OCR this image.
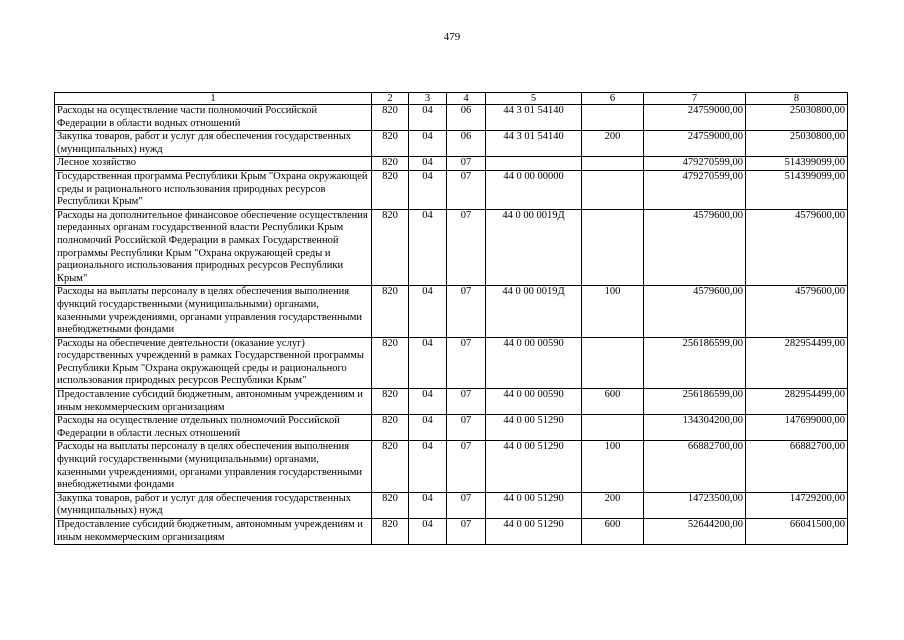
479
1	2	3	4	5	6	7	8
Расходы на осуществление части полномочий Российской Федерации в области водных отношений	820	04	06	44 3 01 54140		24759000,00	25030800,00
Закупка товаров, работ и услуг для обеспечения государственных (муниципальных) нужд	820	04	06	44 3 01 54140	200	24759000,00	25030800,00
Лесное хозяйство	820	04	07			479270599,00	514399099,00
Государственная программа Республики Крым "Охрана окружающей среды и рационального использования природных ресурсов Республики Крым"	820	04	07	44 0 00 00000		479270599,00	514399099,00
Расходы на дополнительное финансовое обеспечение осуществления переданных органам государственной власти Республики Крым полномочий Российской Федерации в рамках Государственной программы Республики Крым "Охрана окружающей среды и рационального использования природных ресурсов Республики Крым"	820	04	07	44 0 00 0019Д		4579600,00	4579600,00
Расходы на выплаты персоналу в целях обеспечения выполнения функций государственными (муниципальными) органами, казенными учреждениями, органами управления государственными внебюджетными фондами	820	04	07	44 0 00 0019Д	100	4579600,00	4579600,00
Расходы на обеспечение деятельности (оказание услуг) государственных учреждений в рамках Государственной программы Республики Крым "Охрана окружающей среды и рационального использования природных ресурсов Республики Крым"	820	04	07	44 0 00 00590		256186599,00	282954499,00
Предоставление субсидий бюджетным, автономным учреждениям и иным некоммерческим организациям	820	04	07	44 0 00 00590	600	256186599,00	282954499,00
Расходы на осуществление отдельных полномочий Российской Федерации в области лесных отношений	820	04	07	44 0 00 51290		134304200,00	147699000,00
Расходы на выплаты персоналу в целях обеспечения выполнения функций государственными (муниципальными) органами, казенными учреждениями, органами управления государственными внебюджетными фондами	820	04	07	44 0 00 51290	100	66882700,00	66882700,00
Закупка товаров, работ и услуг для обеспечения государственных (муниципальных) нужд	820	04	07	44 0 00 51290	200	14723500,00	14729200,00
Предоставление субсидий бюджетным, автономным учреждениям и иным некоммерческим организациям	820	04	07	44 0 00 51290	600	52644200,00	66041500,00
